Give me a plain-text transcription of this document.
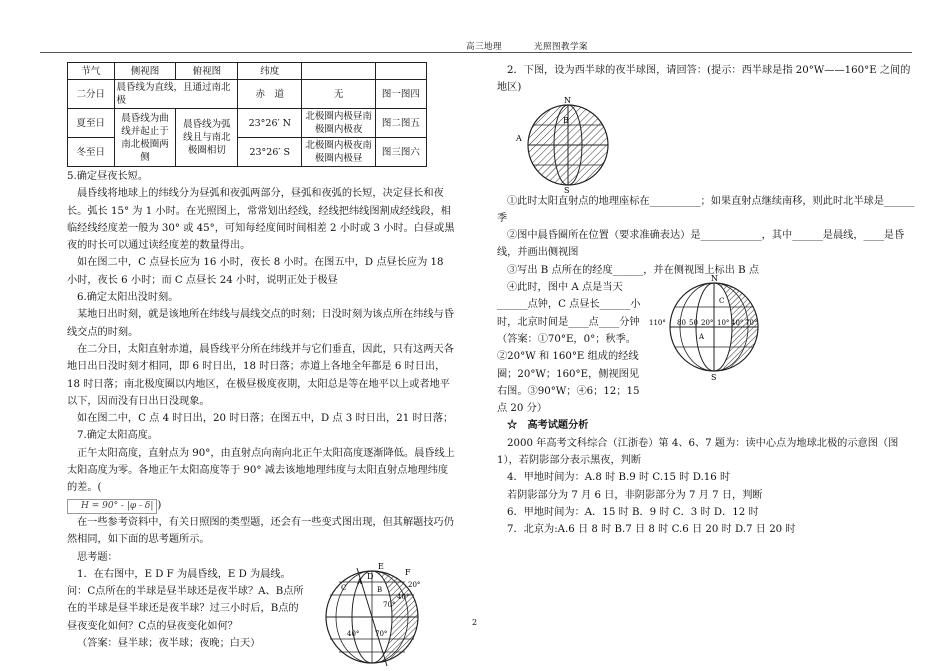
高三地理          光照图教学案
节气	侧视图	俯视图	纬度		
二分日	晨昏线为直线，且通过南北极		赤　道	无	图一图四
夏至日	晨昏线为曲线并起止于南北极圈两侧	晨昏线为弧线且与南北极圈相切	23°26′ N	北极圈内极昼南极圈内极夜	图二图五
冬至日			23°26′ S	北极圈内极夜南极圈内极昼	图三图六

5.确定昼夜长短。

晨昏线将地球上的纬线分为昼弧和夜弧两部分，昼弧和夜弧的长短，决定昼长和夜长。弧长 15° 为 1 小时。在光照图上，常常划出经线，经线把纬线图割成经线段，相临经线经度差一般为 30° 或 45°，可知每经度间时间相差 2 小时或 3 小时。白昼或黑夜的时长可以通过读经度差的数量得出。

如在图二中，C 点昼长应为 16 小时，夜长 8 小时。在图五中，D 点昼长应为 18 小时，夜长 6 小时；而 C 点昼长 24 小时，说明正处于极昼

6.确定太阳出没时刻。

某地日出时刻，就是该地所在纬线与晨线交点的时刻；日没时刻为该点所在纬线与昏线交点的时刻。

在二分日，太阳直射赤道，晨昏线平分所在纬线并与它们垂直，因此，只有这两天各地日出日没时刻才相同，即 6 时日出，18 时日落；赤道上各地全年都是 6 时日出，18 时日落；南北极度圈以内地区，在极昼极度夜期，太阳总是等在地平以上或者地平以下，因而没有日出日没现象。

如在图二中，C 点 4 时日出，20 时日落；在图五中，D 点 3 时日出，21 时日落；

7.确定太阳高度。

正午太阳高度，直射点为 90°，由直射点向南向北正午太阳高度逐渐降低。晨昏线上太阳高度为零。各地正午太阳高度等于 90° 减去该地地理纬度与太阳直射点地理纬度的差。(
H = 90° - |φ - δ| )

在一些参考资料中，有关日照图的类型题，还会有一些变式图出现，但其解题技巧仍然相同，如下面的思考题所示。

思考题：

1．在右图中，E D F 为晨昏线，E D 为晨线。问：C点所在的半球是昼半球还是夜半球？A、B点所在的半球是昼半球还是夜半球？过三小时后，B点的昼夜变化如何？C点的昼夜变化如何？

（答案：昼半球；夜半球；夜晚；白天）

E
F
D
A
B
C	20°
40°
70°
40° 70°

2．下图，设为西半球的夜半球图，请回答：(提示：西半球是指 20°W——160°E 之间的地区)

N
S
A
B

①此时太阳直射点的地理座标在__________；如果直射点继续南移，则此时北半球是______季

②图中晨昏圈所在位置（要求准确表达）是____________，其中______是晨线，____是昏线，并画出侧视图

③写出 B 点所在的经度______，并在侧视图上标出 B 点

④此时，图中 A 点是当天______点钟，C 点昼长______小时，北京时间是____点____分钟

（答案：①70°E，0°；秋季。②20°W 和 160°E 组成的经线圈；20°W；160°E，侧视图见右图。③90°W；④6；12；15 点 20 分）

N
S
110° 80 50 20° 10° 40° 70°
C
A

☆　高考试题分析

2000 年高考文科综合（江浙卷）第 4、6、7 题为：读中心点为地球北极的示意图（图 1），若阴影部分表示黑夜，判断

4．甲地时间为：A.8 时 B.9 时 C.15 时 D.16 时

若阴影部分为 7 月 6 日，非阴影部分为 7 月 7 日，判断

6．甲地时间为：A．15 时 B．9 时 C．3 时 D．12 时

7．北京为:A.6 日 8 时 B.7 日 8 时 C.6 日 20 时 D.7 日 20 时

2
